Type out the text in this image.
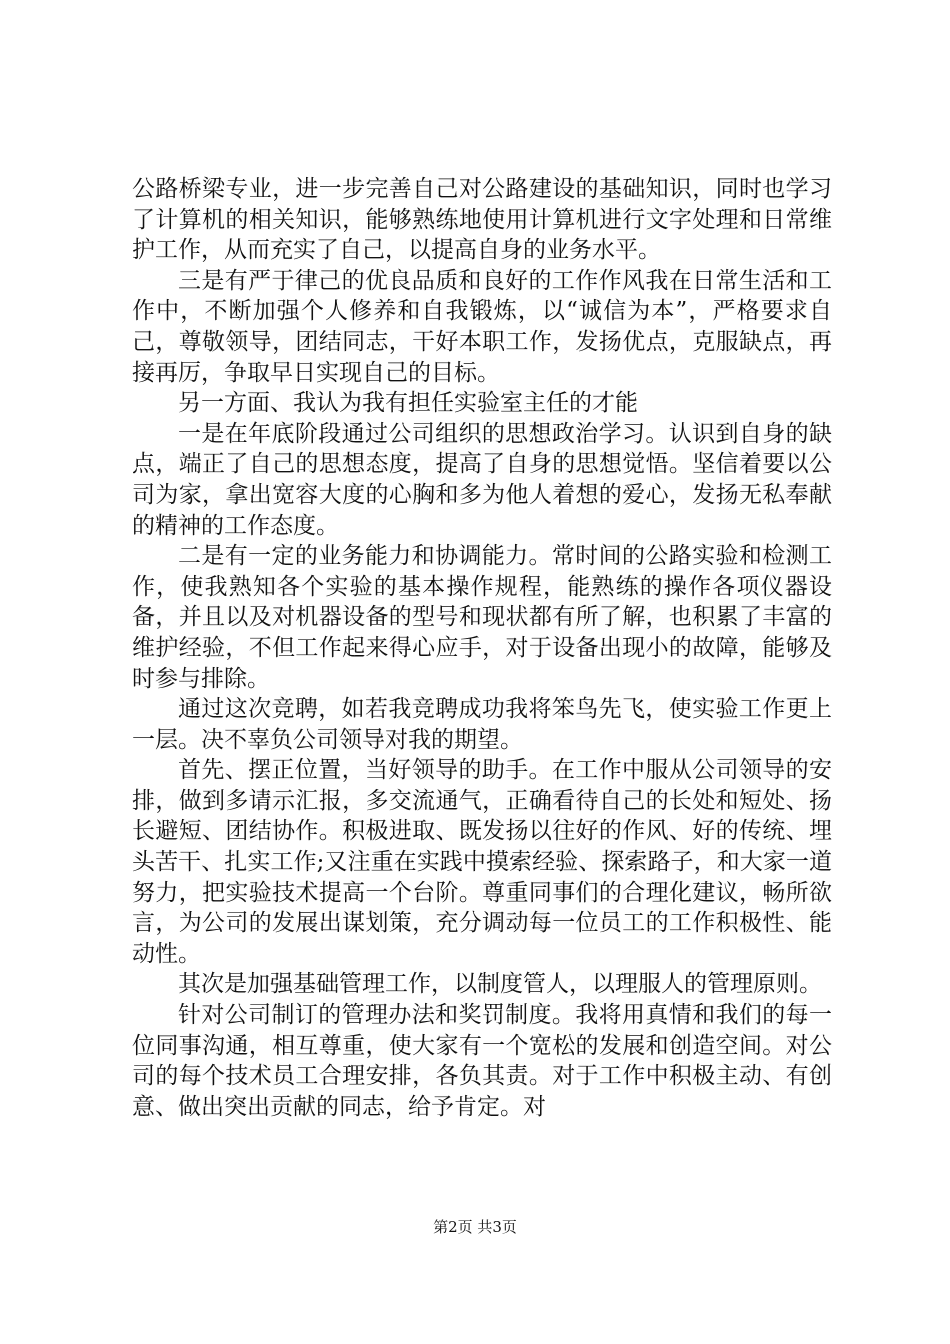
公路桥梁专业，进一步完善自己对公路建设的基础知识，同时也学习了计算机的相关知识，能够熟练地使用计算机进行文字处理和日常维护工作，从而充实了自己，以提高自身的业务水平。

三是有严于律己的优良品质和良好的工作作风我在日常生活和工作中，不断加强个人修养和自我锻炼，以“诚信为本”，严格要求自己，尊敬领导，团结同志，干好本职工作，发扬优点，克服缺点，再接再厉，争取早日实现自己的目标。

另一方面、我认为我有担任实验室主任的才能

一是在年底阶段通过公司组织的思想政治学习。认识到自身的缺点，端正了自己的思想态度，提高了自身的思想觉悟。坚信着要以公司为家，拿出宽容大度的心胸和多为他人着想的爱心，发扬无私奉献的精神的工作态度。

二是有一定的业务能力和协调能力。常时间的公路实验和检测工作，使我熟知各个实验的基本操作规程，能熟练的操作各项仪器设备，并且以及对机器设备的型号和现状都有所了解，也积累了丰富的维护经验，不但工作起来得心应手，对于设备出现小的故障，能够及时参与排除。

通过这次竞聘，如若我竞聘成功我将笨鸟先飞，使实验工作更上一层。决不辜负公司领导对我的期望。

首先、摆正位置，当好领导的助手。在工作中服从公司领导的安排，做到多请示汇报，多交流通气，正确看待自己的长处和短处、扬长避短、团结协作。积极进取、既发扬以往好的作风、好的传统、埋头苦干、扎实工作;又注重在实践中摸索经验、探索路子，和大家一道努力，把实验技术提高一个台阶。尊重同事们的合理化建议，畅所欲言，为公司的发展出谋划策，充分调动每一位员工的工作积极性、能动性。

其次是加强基础管理工作，以制度管人，以理服人的管理原则。

针对公司制订的管理办法和奖罚制度。我将用真情和我们的每一位同事沟通，相互尊重，使大家有一个宽松的发展和创造空间。对公司的每个技术员工合理安排，各负其责。对于工作中积极主动、有创意、做出突出贡献的同志，给予肯定。对

第2页 共3页
